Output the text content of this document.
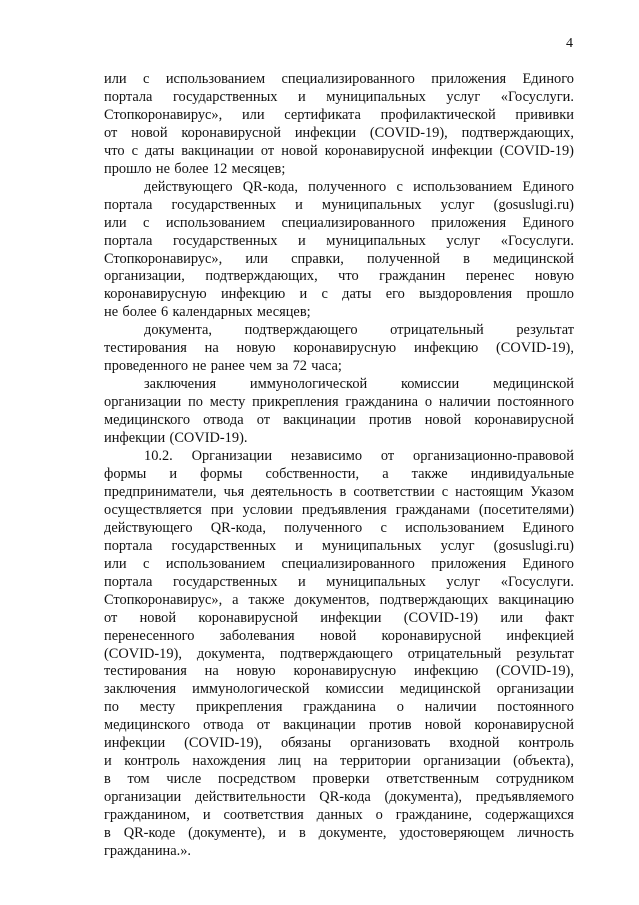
4
или с использованием специализированного приложения Единого
портала государственных и муниципальных услуг «Госуслуги.
Стопкоронавирус», или сертификата профилактической прививки
от новой коронавирусной инфекции (COVID-19), подтверждающих,
что с даты вакцинации от новой коронавирусной инфекции (COVID-19)
прошло не более 12 месяцев;
действующего QR-кода, полученного с использованием Единого
портала государственных и муниципальных услуг (gosuslugi.ru)
или с использованием специализированного приложения Единого
портала государственных и муниципальных услуг «Госуслуги.
Стопкоронавирус», или справки, полученной в медицинской
организации, подтверждающих, что гражданин перенес новую
коронавирусную инфекцию и с даты его выздоровления прошло
не более 6 календарных месяцев;
документа, подтверждающего отрицательный результат
тестирования на новую коронавирусную инфекцию (COVID-19),
проведенного не ранее чем за 72 часа;
заключения иммунологической комиссии медицинской
организации по месту прикрепления гражданина о наличии постоянного
медицинского отвода от вакцинации против новой коронавирусной
инфекции (COVID-19).
10.2. Организации независимо от организационно-правовой
формы и формы собственности, а также индивидуальные
предприниматели, чья деятельность в соответствии с настоящим Указом
осуществляется при условии предъявления гражданами (посетителями)
действующего QR-кода, полученного с использованием Единого
портала государственных и муниципальных услуг (gosuslugi.ru)
или с использованием специализированного приложения Единого
портала государственных и муниципальных услуг «Госуслуги.
Стопкоронавирус», а также документов, подтверждающих вакцинацию
от новой коронавирусной инфекции (COVID-19) или факт
перенесенного заболевания новой коронавирусной инфекцией
(COVID-19), документа, подтверждающего отрицательный результат
тестирования на новую коронавирусную инфекцию (COVID-19),
заключения иммунологической комиссии медицинской организации
по месту прикрепления гражданина о наличии постоянного
медицинского отвода от вакцинации против новой коронавирусной
инфекции (COVID-19), обязаны организовать входной контроль
и контроль нахождения лиц на территории организации (объекта),
в том числе посредством проверки ответственным сотрудником
организации действительности QR-кода (документа), предъявляемого
гражданином, и соответствия данных о гражданине, содержащихся
в QR-коде (документе), и в документе, удостоверяющем личность
гражданина.».
